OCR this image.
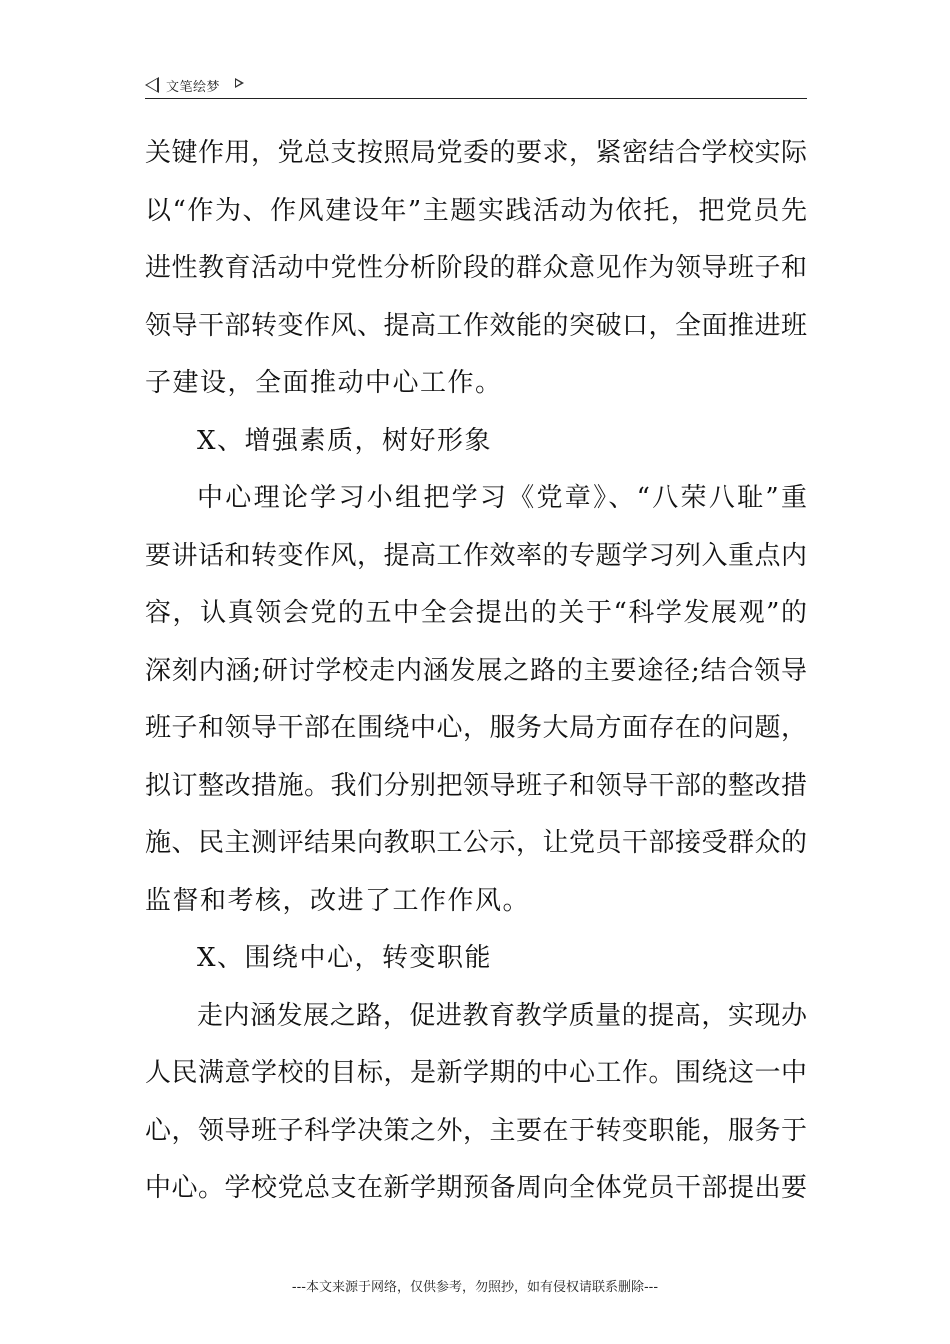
文笔绘梦
关键作用，党总支按照局党委的要求，紧密结合学校实际
以“作为、作风建设年”主题实践活动为依托，把党员先
进性教育活动中党性分析阶段的群众意见作为领导班子和
领导干部转变作风、提高工作效能的突破口，全面推进班
子建设，全面推动中心工作。
X、增强素质，树好形象
中心理论学习小组把学习《党章》、“八荣八耻”重
要讲话和转变作风，提高工作效率的专题学习列入重点内
容，认真领会党的五中全会提出的关于“科学发展观”的
深刻内涵;研讨学校走内涵发展之路的主要途径;结合领导
班子和领导干部在围绕中心，服务大局方面存在的问题，
拟订整改措施。我们分别把领导班子和领导干部的整改措
施、民主测评结果向教职工公示，让党员干部接受群众的
监督和考核，改进了工作作风。
X、围绕中心，转变职能
走内涵发展之路，促进教育教学质量的提高，实现办
人民满意学校的目标，是新学期的中心工作。围绕这一中
心，领导班子科学决策之外，主要在于转变职能，服务于
中心。学校党总支在新学期预备周向全体党员干部提出要
---本文来源于网络，仅供参考，勿照抄，如有侵权请联系删除---
